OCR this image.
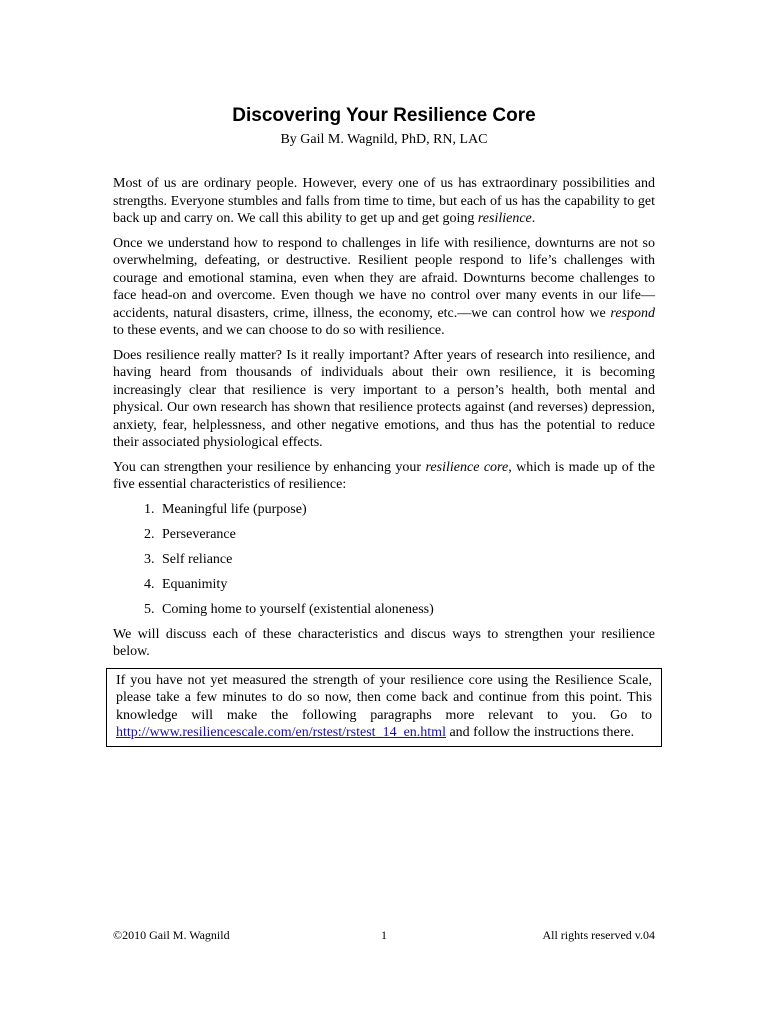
Discovering Your Resilience Core
By Gail M. Wagnild, PhD, RN, LAC

Most of us are ordinary people. However, every one of us has extraordinary possibilities and strengths. Everyone stumbles and falls from time to time, but each of us has the capability to get back up and carry on. We call this ability to get up and get going resilience.

Once we understand how to respond to challenges in life with resilience, downturns are not so overwhelming, defeating, or destructive. Resilient people respond to life’s challenges with courage and emotional stamina, even when they are afraid. Downturns become challenges to face head-on and overcome. Even though we have no control over many events in our life—accidents, natural disasters, crime, illness, the economy, etc.—we can control how we respond to these events, and we can choose to do so with resilience.

Does resilience really matter? Is it really important? After years of research into resilience, and having heard from thousands of individuals about their own resilience, it is becoming increasingly clear that resilience is very important to a person’s health, both mental and physical. Our own research has shown that resilience protects against (and reverses) depression, anxiety, fear, helplessness, and other negative emotions, and thus has the potential to reduce their associated physiological effects.

You can strengthen your resilience by enhancing your resilience core, which is made up of the five essential characteristics of resilience:

1. Meaningful life (purpose)
2. Perseverance
3. Self reliance
4. Equanimity
5. Coming home to yourself (existential aloneness)

We will discuss each of these characteristics and discus ways to strengthen your resilience below.

If you have not yet measured the strength of your resilience core using the Resilience Scale, please take a few minutes to do so now, then come back and continue from this point. This knowledge will make the following paragraphs more relevant to you. Go to http://www.resiliencescale.com/en/rstest/rstest_14_en.html and follow the instructions there.
©2010 Gail M. Wagnild	1	All rights reserved v.04
